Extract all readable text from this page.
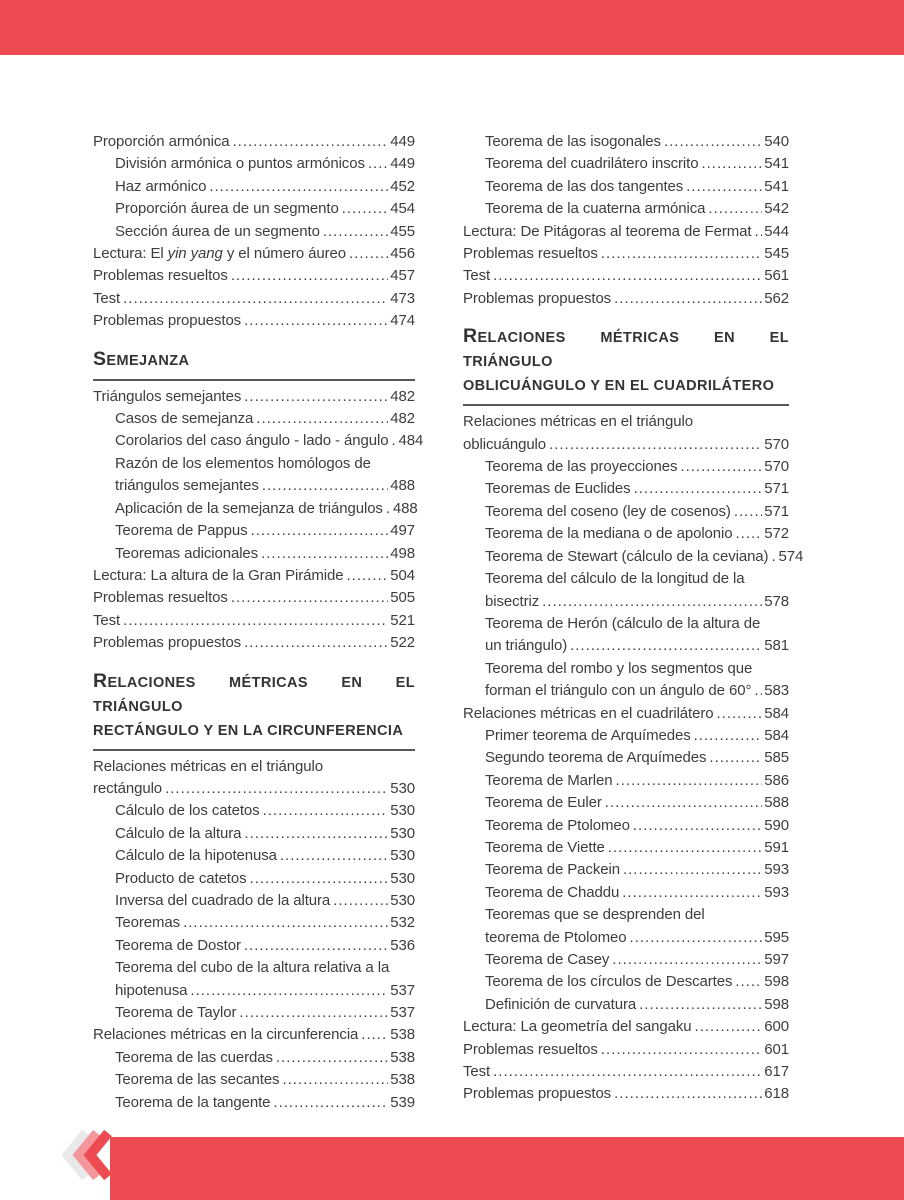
Proporción armónica .....	449
División armónica o puntos armónicos ..... 449
Haz armónico .....	452
Proporción áurea de un segmento .....	454
Sección áurea de un segmento .....	455
Lectura: El yin yang y el número áureo .....	456
Problemas resueltos .....	457
Test .....	473
Problemas propuestos .....	474
SEMEJANZA
Triángulos semejantes .....	482
Casos de semejanza .....	482
Corolarios del caso ángulo - lado - ángulo ..... 484
Razón de los elementos homólogos de
triángulos semejantes .....	488
Aplicación de la semejanza de triángulos ..... 488
Teorema de Pappus .....	497
Teoremas adicionales .....	498
Lectura: La altura de la Gran Pirámide .....	504
Problemas resueltos .....	505
Test .....	521
Problemas propuestos .....	522
RELACIONES MÉTRICAS EN EL TRIÁNGULO
RECTÁNGULO Y EN LA CIRCUNFERENCIA
Relaciones métricas en el triángulo
rectángulo .....	530
Cálculo de los catetos .....	530
Cálculo de la altura .....	530
Cálculo de la hipotenusa .....	530
Producto de catetos .....	530
Inversa del cuadrado de la altura .....	530
Teoremas .....	532
Teorema de Dostor .....	536
Teorema del cubo de la altura relativa a la
hipotenusa .....	537
Teorema de Taylor .....	537
Relaciones métricas en la circunferencia ..... 538
Teorema de las cuerdas .....	538
Teorema de las secantes .....	538
Teorema de la tangente .....	539
Teorema de las isogonales .....	540
Teorema del cuadrilátero inscrito .....	541
Teorema de las dos tangentes .....	541
Teorema de la cuaterna armónica .....	542
Lectura: De Pitágoras al teorema de Fermat ..... 544
Problemas resueltos .....	545
Test .....	561
Problemas propuestos .....	562
RELACIONES MÉTRICAS EN EL TRIÁNGULO
OBLICUÁNGULO Y EN EL CUADRILÁTERO
Relaciones métricas en el triángulo
oblicuángulo .....	570
Teorema de las proyecciones .....	570
Teoremas de Euclides .....	571
Teorema del coseno (ley de cosenos) ..... 571
Teorema de la mediana o de apolonio ..... 572
Teorema de Stewart (cálculo de la ceviana) ..... 574
Teorema del cálculo de la longitud de la
bisectriz .....	578
Teorema de Herón (cálculo de la altura de
un triángulo) .....	581
Teorema del rombo y los segmentos que
forman el triángulo con un ángulo de 60° ..... 583
Relaciones métricas en el cuadrilátero .....	584
Primer teorema de Arquímedes .....	584
Segundo teorema de Arquímedes .....	585
Teorema de Marlen .....	586
Teorema de Euler .....	588
Teorema de Ptolomeo .....	590
Teorema de Viette .....	591
Teorema de Packein .....	593
Teorema de Chaddu .....	593
Teoremas que se desprenden del
teorema de Ptolomeo .....	595
Teorema de Casey .....	597
Teorema de los círculos de Descartes ..... 598
Definición de curvatura .....	598
Lectura: La geometría del sangaku .....	600
Problemas resueltos .....	601
Test .....	617
Problemas propuestos .....	618
